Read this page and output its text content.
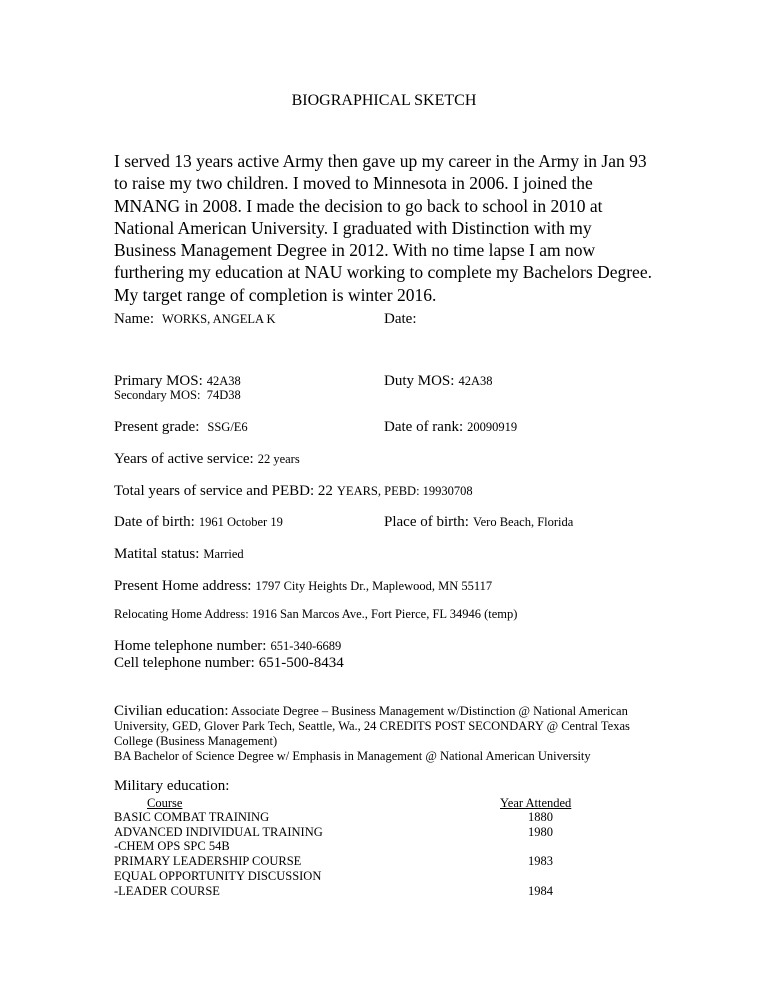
BIOGRAPHICAL SKETCH

I served 13 years active Army then gave up my career in the Army in Jan 93
to raise my two children. I moved to Minnesota in 2006. I joined the
MNANG in 2008. I made the decision to go back to school in 2010 at
National American University. I graduated with Distinction with my
Business Management Degree in 2012. With no time lapse I am now
furthering my education at NAU working to complete my Bachelors Degree.
My target range of completion is winter 2016.

Name: WORKS, ANGELA K	Date:
Primary MOS: 42A38	Duty MOS: 42A38
Secondary MOS: 74D38
Present grade: SSG/E6	Date of rank: 20090919
Years of active service: 22 years
Total years of service and PEBD: 22 YEARS, PEBD: 19930708
Date of birth: 1961 October 19	Place of birth: Vero Beach, Florida
Matital status: Married
Present Home address: 1797 City Heights Dr., Maplewood, MN 55117
Relocating Home Address: 1916 San Marcos Ave., Fort Pierce, FL 34946 (temp)
Home telephone number: 651-340-6689
Cell telephone number: 651-500-8434
Civilian education: Associate Degree – Business Management w/Distinction @ National American
University, GED, Glover Park Tech, Seattle, Wa., 24 CREDITS POST SECONDARY @ Central Texas
College (Business Management)
BA Bachelor of Science Degree w/ Emphasis in Management @ National American University
Military education:
Course	Year Attended
BASIC COMBAT TRAINING	1880
ADVANCED INDIVIDUAL TRAINING	1980
-CHEM OPS SPC 54B
PRIMARY LEADERSHIP COURSE	1983
EQUAL OPPORTUNITY DISCUSSION
-LEADER COURSE	1984
